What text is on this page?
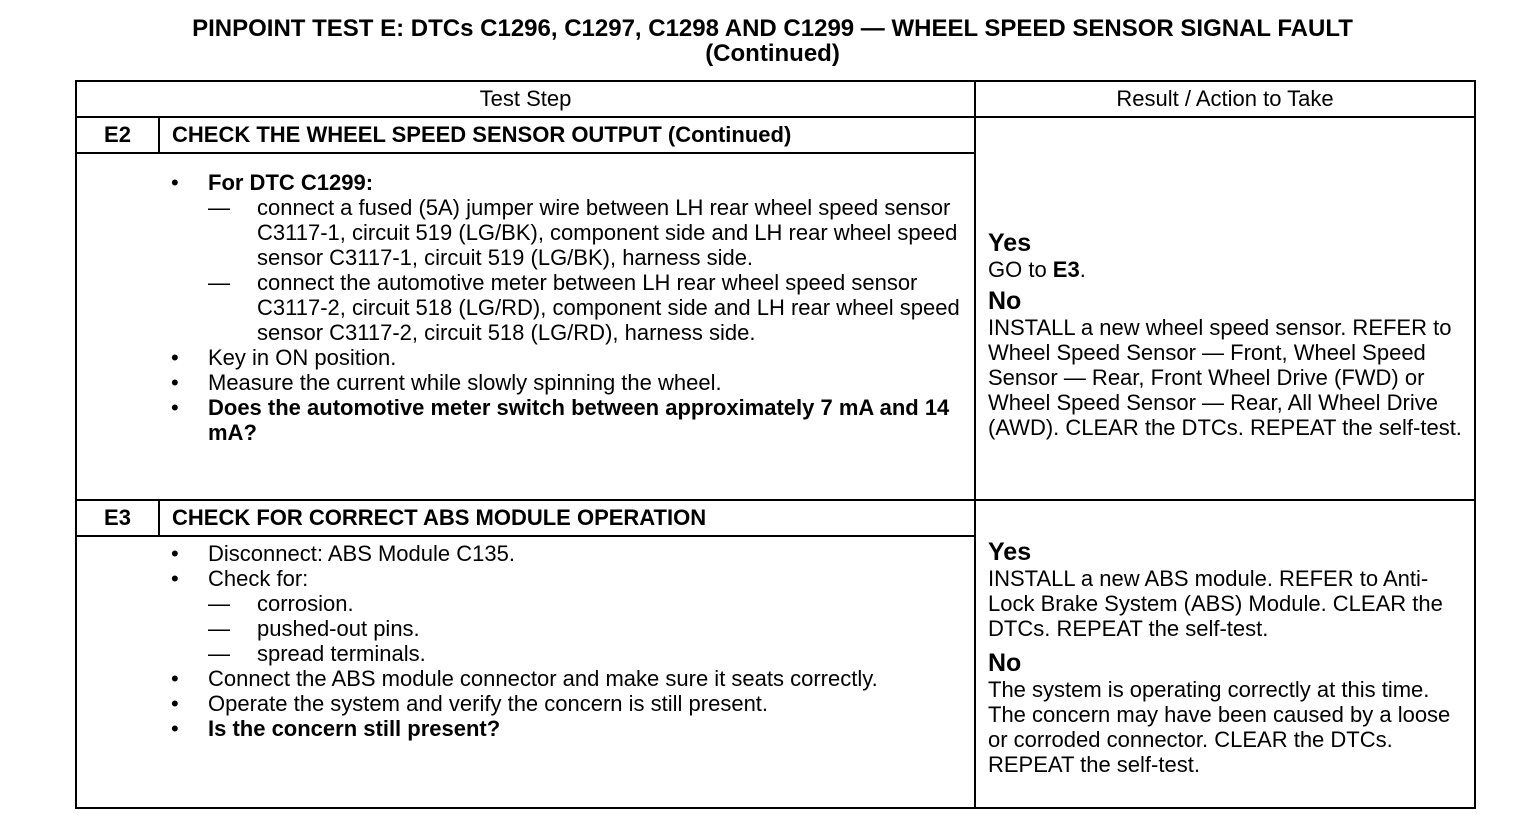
PINPOINT TEST E: DTCs C1296, C1297, C1298 AND C1299 — WHEEL SPEED SENSOR SIGNAL FAULT
(Continued)
Test Step	Result / Action to Take
E2	CHECK THE WHEEL SPEED SENSOR OUTPUT (Continued)
• For DTC C1299:
— connect a fused (5A) jumper wire between LH rear wheel speed sensor C3117-1, circuit 519 (LG/BK), component side and LH rear wheel speed sensor C3117-1, circuit 519 (LG/BK), harness side.
— connect the automotive meter between LH rear wheel speed sensor C3117-2, circuit 518 (LG/RD), component side and LH rear wheel speed sensor C3117-2, circuit 518 (LG/RD), harness side.
• Key in ON position.
• Measure the current while slowly spinning the wheel.
• Does the automotive meter switch between approximately 7 mA and 14 mA?
Yes
GO to E3.
No
INSTALL a new wheel speed sensor. REFER to Wheel Speed Sensor — Front, Wheel Speed Sensor — Rear, Front Wheel Drive (FWD) or Wheel Speed Sensor — Rear, All Wheel Drive (AWD). CLEAR the DTCs. REPEAT the self-test.
E3	CHECK FOR CORRECT ABS MODULE OPERATION
• Disconnect: ABS Module C135.
• Check for:
— corrosion.
— pushed-out pins.
— spread terminals.
• Connect the ABS module connector and make sure it seats correctly.
• Operate the system and verify the concern is still present.
• Is the concern still present?
Yes
INSTALL a new ABS module. REFER to Anti-Lock Brake System (ABS) Module. CLEAR the DTCs. REPEAT the self-test.
No
The system is operating correctly at this time. The concern may have been caused by a loose or corroded connector. CLEAR the DTCs. REPEAT the self-test.
